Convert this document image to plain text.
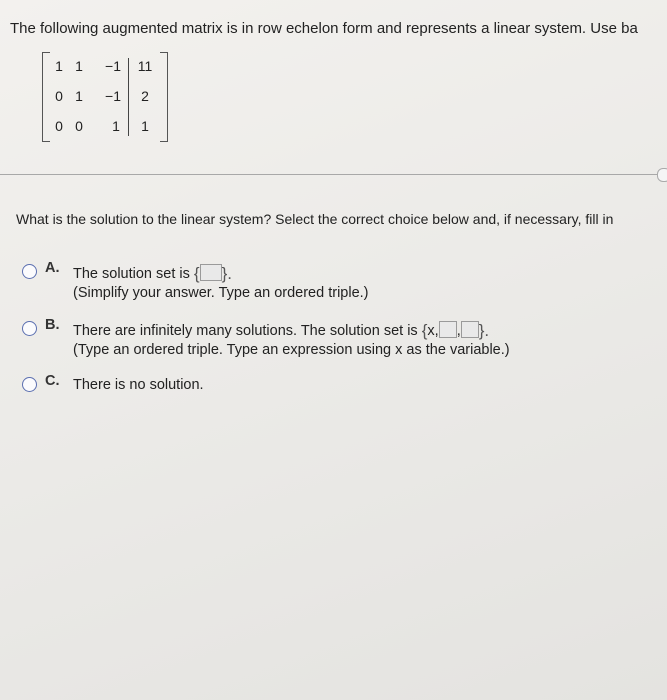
The following augmented matrix is in row echelon form and represents a linear system. Use ba
1 1	−1	11
0 1	−1	2
0 0	1	1
What is the solution to the linear system? Select the correct choice below and, if necessary, fill in
A. The solution set is { }.
(Simplify your answer. Type an ordered triple.)
B. There are infinitely many solutions. The solution set is {x, , }.
(Type an ordered triple. Type an expression using x as the variable.)
C. There is no solution.
